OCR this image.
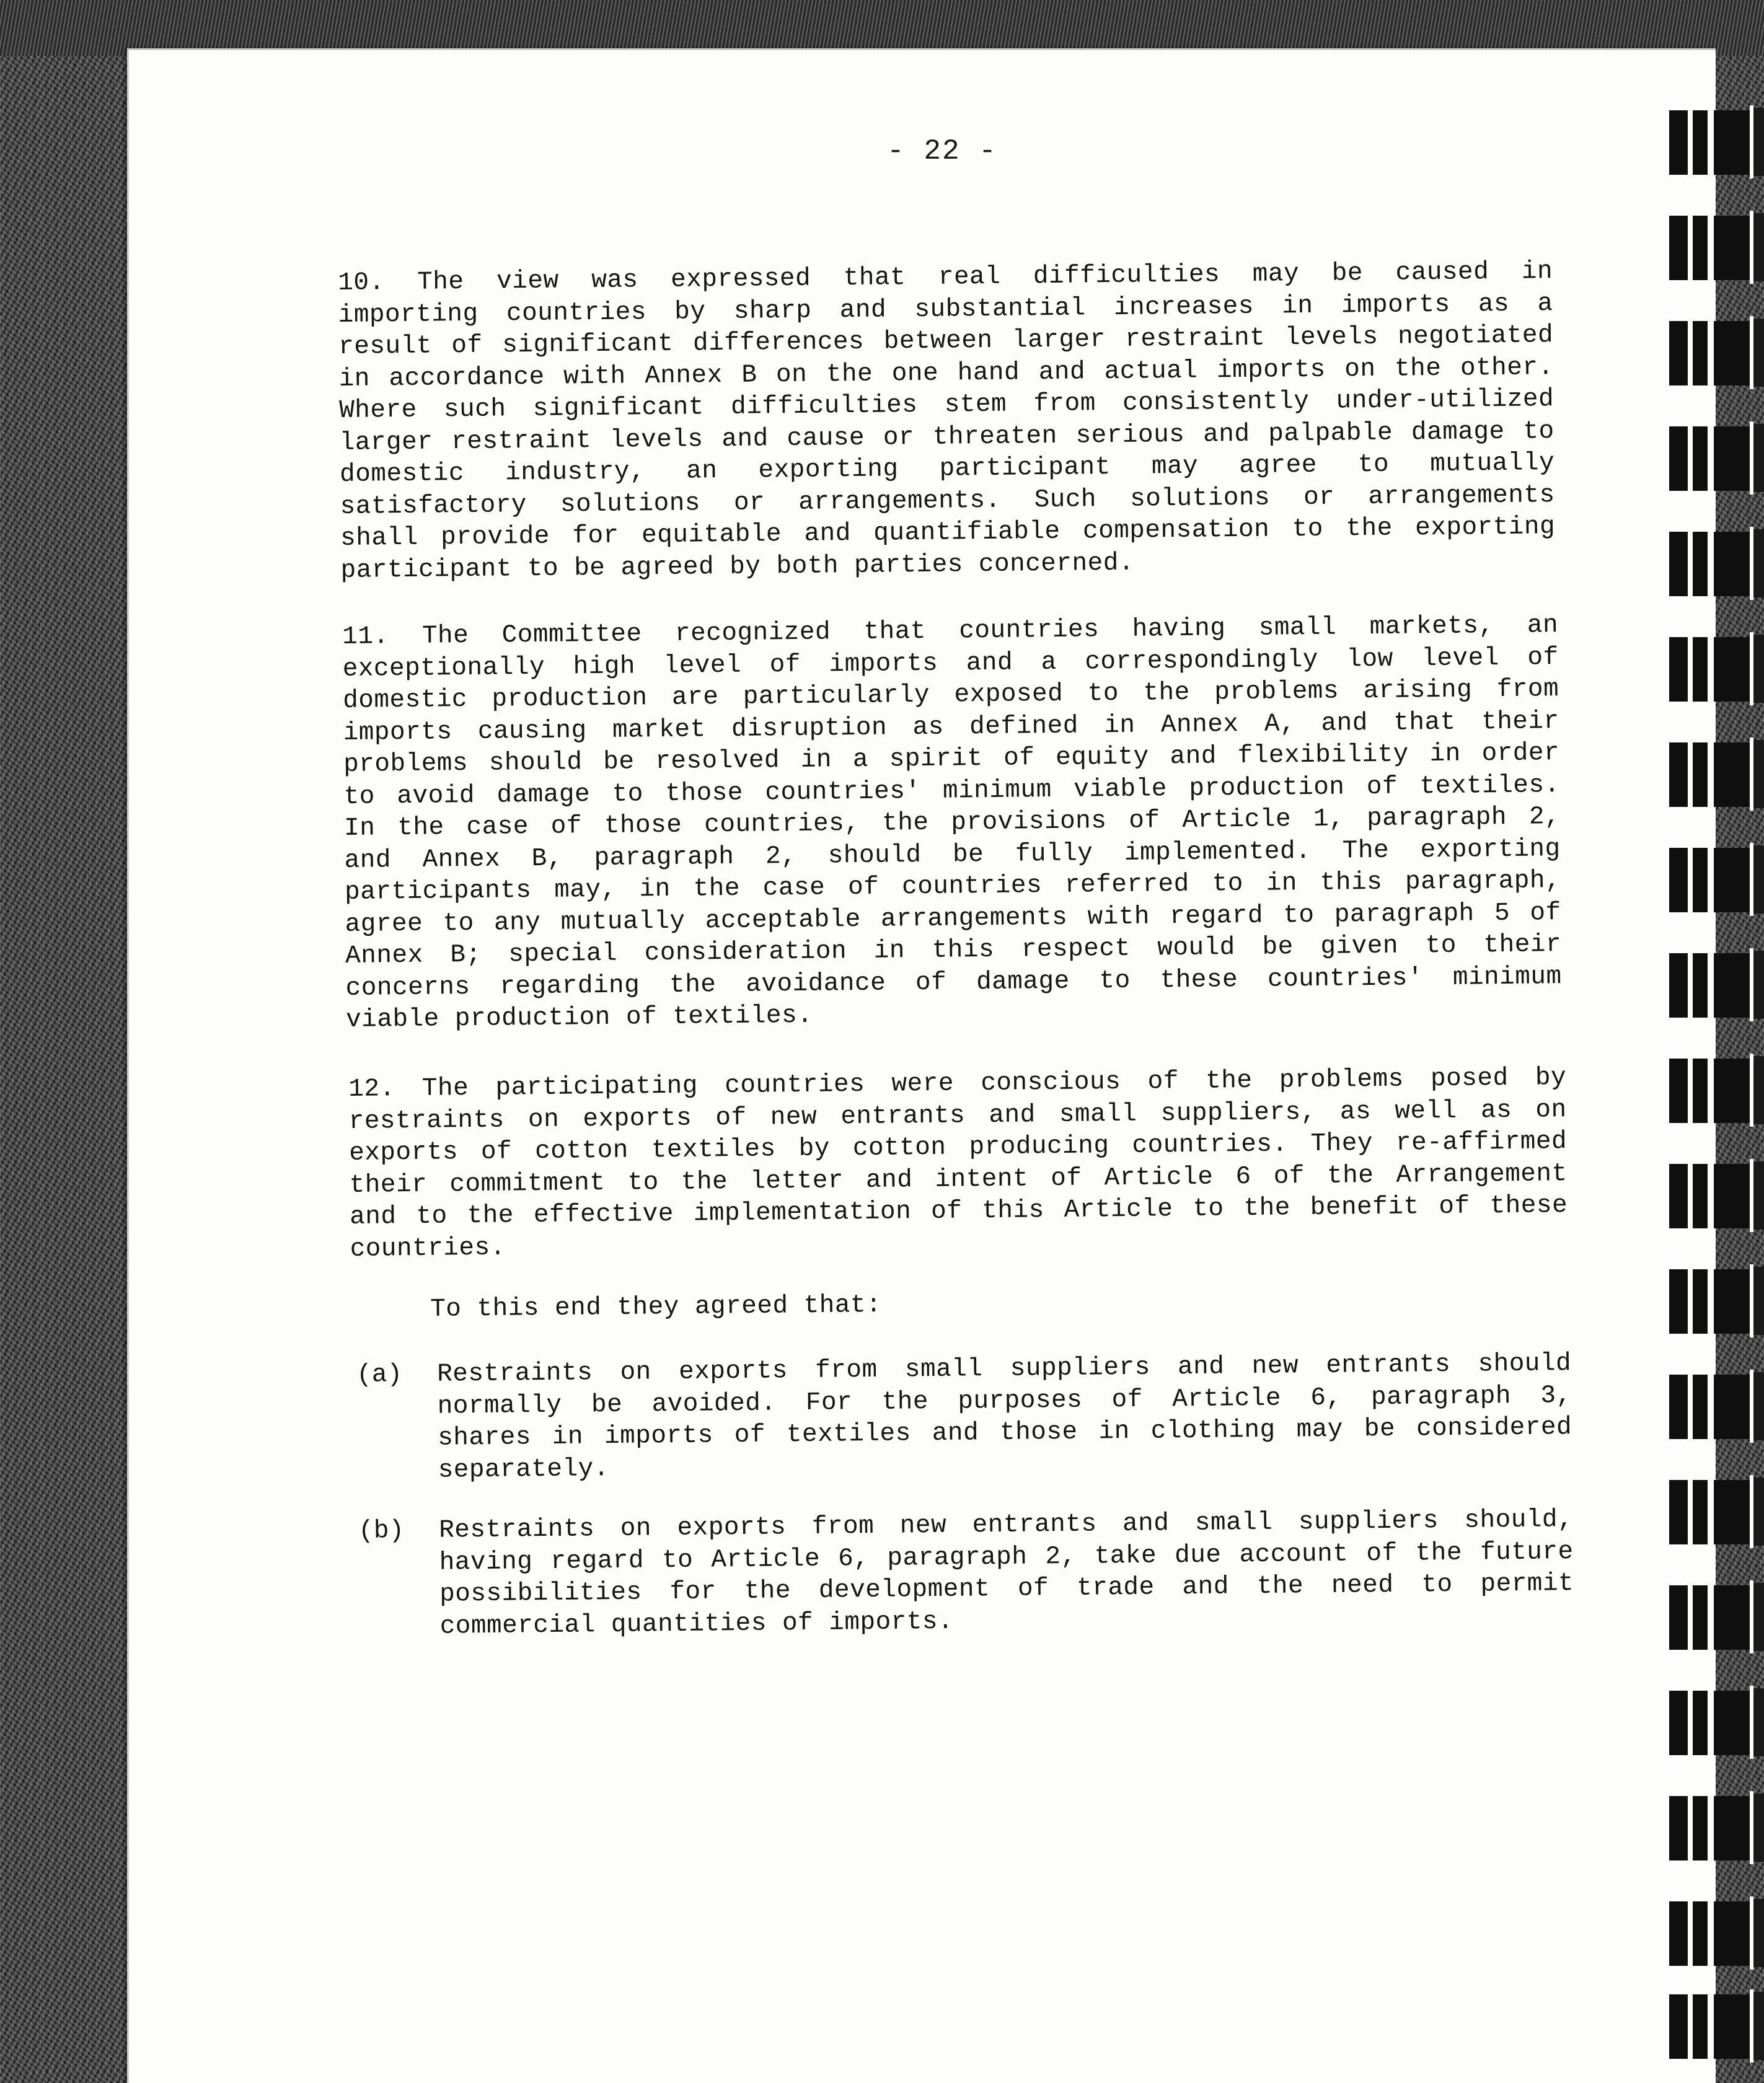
- 22 -
10. The view was expressed that real difficulties may be caused in
importing countries by sharp and substantial increases in imports as a
result of significant differences between larger restraint levels negotiated
in accordance with Annex B on the one hand and actual imports on the other.
Where such significant difficulties stem from consistently under-utilized
larger restraint levels and cause or threaten serious and palpable damage to
domestic industry, an exporting participant may agree to mutually
satisfactory solutions or arrangements. Such solutions or arrangements
shall provide for equitable and quantifiable compensation to the exporting
participant to be agreed by both parties concerned.
11. The Committee recognized that countries having small markets, an
exceptionally high level of imports and a correspondingly low level of
domestic production are particularly exposed to the problems arising from
imports causing market disruption as defined in Annex A, and that their
problems should be resolved in a spirit of equity and flexibility in order
to avoid damage to those countries' minimum viable production of textiles.
In the case of those countries, the provisions of Article 1, paragraph 2,
and Annex B, paragraph 2, should be fully implemented. The exporting
participants may, in the case of countries referred to in this paragraph,
agree to any mutually acceptable arrangements with regard to paragraph 5 of
Annex B; special consideration in this respect would be given to their
concerns regarding the avoidance of damage to these countries' minimum
viable production of textiles.
12. The participating countries were conscious of the problems posed by
restraints on exports of new entrants and small suppliers, as well as on
exports of cotton textiles by cotton producing countries. They re-affirmed
their commitment to the letter and intent of Article 6 of the Arrangement
and to the effective implementation of this Article to the benefit of these
countries.
To this end they agreed that:
(a) Restraints on exports from small suppliers and new entrants should
normally be avoided. For the purposes of Article 6, paragraph 3,
shares in imports of textiles and those in clothing may be considered
separately.
(b) Restraints on exports from new entrants and small suppliers should,
having regard to Article 6, paragraph 2, take due account of the future
possibilities for the development of trade and the need to permit
commercial quantities of imports.
